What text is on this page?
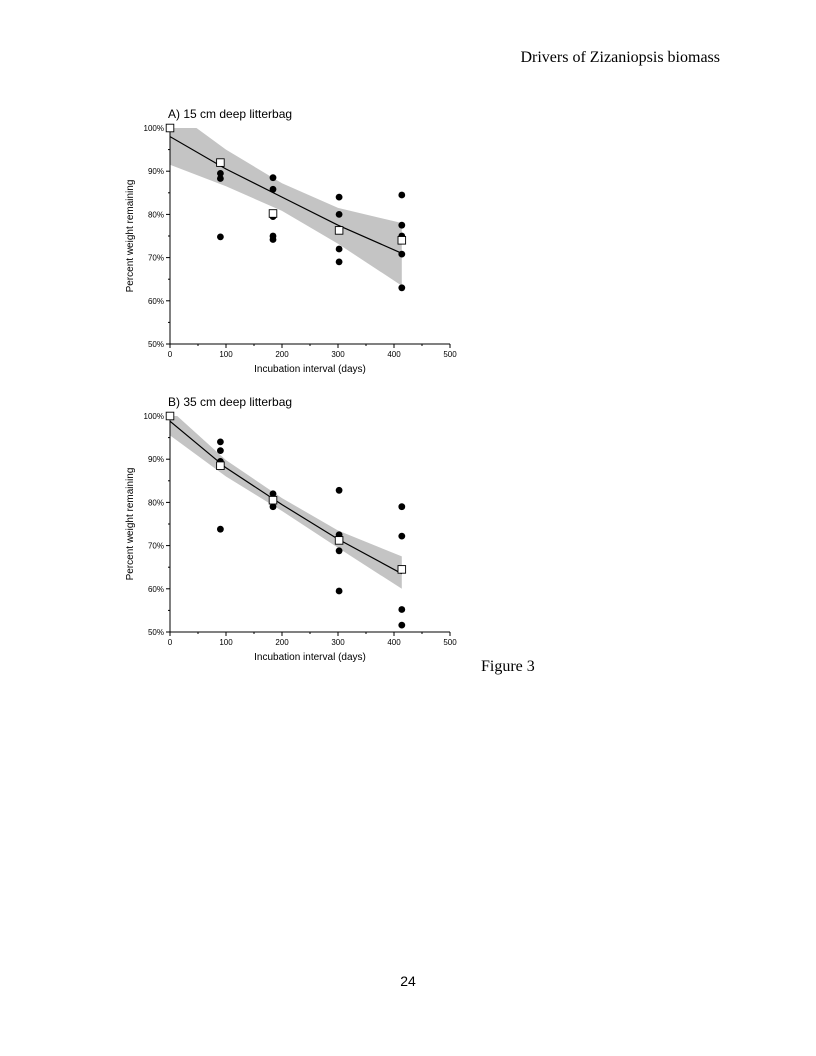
Drivers of Zizaniopsis biomass
50%
60%
70%
80%
90%
100%
0	100	200	300	400	500
A) 15 cm deep litterbag
Incubation interval (days)
Percent weight remaining
50%
60%
70%
80%
90%
100%
0	100	200	300	400	500
B) 35 cm deep litterbag
Incubation interval (days)
Percent weight remaining
Figure 3
24
